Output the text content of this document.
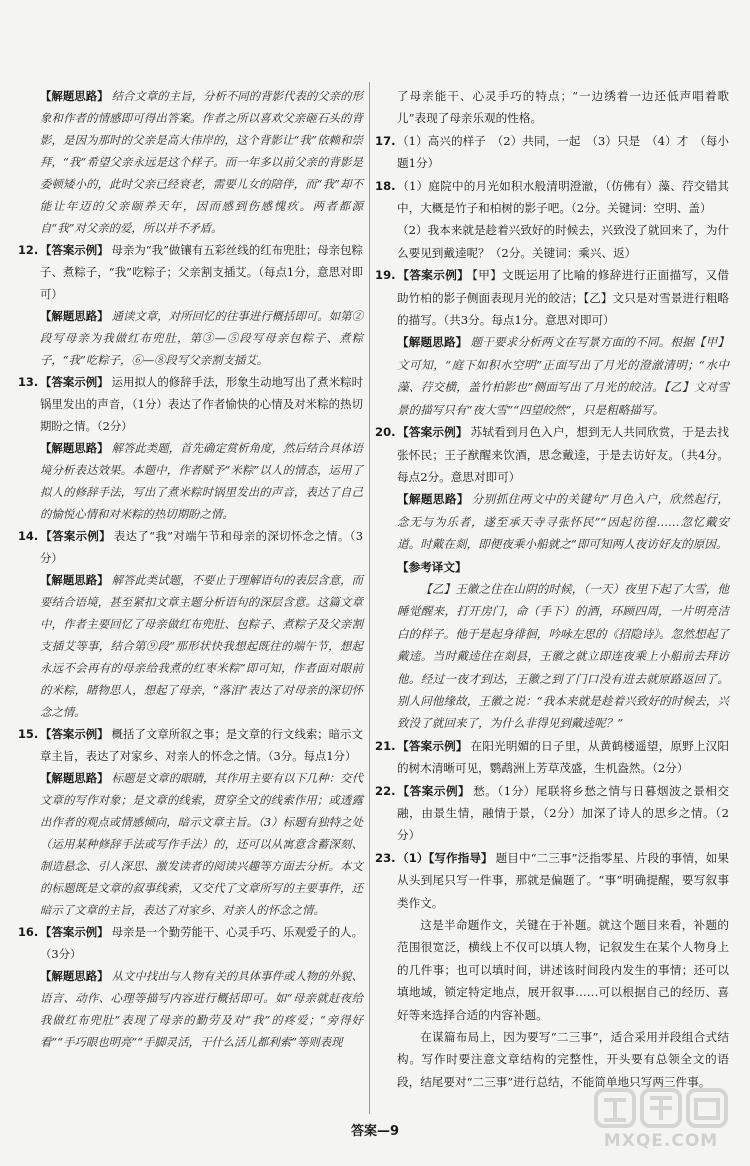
【解题思路】 结合文章的主旨，分析不同的背影代表的父亲的形象和作者的情感即可得出答案。作者之所以喜欢父亲砸石头的背影，是因为那时的父亲是高大伟岸的，这个背影让“我”依赖和崇拜，“我”希望父亲永远是这个样子。而一年多以前父亲的背影是委顿矮小的，此时父亲已经衰老，需要儿女的陪伴，而“我”却不能让年迈的父亲颐养天年，因而感到伤感愧疚。两者都源自“我”对父亲的爱，所以并不矛盾。

12. 【答案示例】 母亲为“我”做镶有五彩丝线的红布兜肚；母亲包粽子、煮粽子，“我”吃粽子；父亲割支插艾。（每点1分，意思对即可）

【解题思路】 通读文章，对所回忆的往事进行概括即可。如第②段写母亲为我做红布兜肚，第③—⑤段写母亲包粽子、煮粽子，“我”吃粽子，⑥—⑧段写父亲割支插艾。

13. 【答案示例】 运用拟人的修辞手法，形象生动地写出了煮米粽时锅里发出的声音，（1分）表达了作者愉快的心情及对米粽的热切期盼之情。（2分）

【解题思路】 解答此类题，首先确定赏析角度，然后结合具体语境分析表达效果。本题中，作者赋予“米粽”以人的情态，运用了拟人的修辞手法，写出了煮米粽时锅里发出的声音，表达了自己的愉悦心情和对米粽的热切期盼之情。

14. 【答案示例】 表达了“我”对端午节和母亲的深切怀念之情。（3分）

【解题思路】 解答此类试题，不要止于理解语句的表层含意，而要结合语境，甚至紧扣文章主题分析语句的深层含意。这篇文章中，作者主要回忆了母亲做红布兜肚、包粽子、煮粽子及父亲割支插艾等事，结合第⑨段“那形状快我想起既往的端午节，想起永远不会再有的母亲给我煮的红枣米粽”即可知，作者面对眼前的米粽，睹物思人，想起了母亲，“落泪”表达了对母亲的深切怀念之情。

15. 【答案示例】 概括了文章所叙之事；是文章的行文线索；暗示文章主旨，表达了对家乡、对亲人的怀念之情。（3分。每点1分）

【解题思路】 标题是文章的眼睛，其作用主要有以下几种：交代文章的写作对象；是文章的线索，贯穿全文的线索作用；或透露出作者的观点或情感倾向，暗示文章主旨。（3）标题有独特之处（运用某种修辞手法或写作手法）的，还可以从寓意含蓄深刻、制造悬念、引人深思、激发读者的阅读兴趣等方面去分析。本文的标题既是文章的叙事线索，又交代了文章所写的主要事件，还暗示了文章的主旨，表达了对家乡、对亲人的怀念之情。

16. 【答案示例】 母亲是一个勤劳能干、心灵手巧、乐观爱子的人。（3分）

【解题思路】 从文中找出与人物有关的具体事件或人物的外貌、语言、动作、心理等描写内容进行概括即可。如“母亲就赶夜给我做红布兜肚”表现了母亲的勤劳及对“我”的疼爱；“旁得好看”“手巧眼也明亮”“手脚灵活，干什么活儿都利索”等则表现

了母亲能干、心灵手巧的特点；“一边绣着一边还低声唱着歌儿”表现了母亲乐观的性格。

17.（1）高兴的样子　（2）共同，一起　（3）只是　（4）才　（每小题1分）

18.（1）庭院中的月光如积水般清明澄澈，（仿佛有）藻、荇交错其中，大概是竹子和柏树的影子吧。（2分。关键词：空明、盖）

（2）我本来就是趁着兴致好的时候去，兴致没了就回来了，为什么要见到戴逵呢？（2分。关键词：乘兴、返）

19.【答案示例】 【甲】文既运用了比喻的修辞进行正面描写，又借助竹柏的影子侧面表现月光的皎洁；【乙】文只是对雪景进行粗略的描写。（共3分。每点1分。意思对即可）

【解题思路】 题干要求分析两文在写景方面的不同。根据【甲】文可知，“庭下如积水空明”正面写出了月光的澄澈清明；“水中藻、荇交横，盖竹柏影也”侧面写出了月光的皎洁。【乙】文对雪景的描写只有“夜大雪”“四望皎然”，只是粗略描写。

20.【答案示例】 苏轼看到月色入户，想到无人共同欣赏，于是去找张怀民；王子猷醒来饮酒，思念戴逵，于是去访好友。（共4分。每点2分。意思对即可）

【解题思路】 分别抓住两文中的关键句“月色入户，欣然起行，念无与为乐者，遂至承天寺寻张怀民”“因起彷徨……忽忆戴安道。时戴在剡，即便夜乘小船就之”即可知两人夜访好友的原因。

【参考译文】

【乙】王徽之住在山阴的时候，（一天）夜里下起了大雪，他睡觉醒来，打开房门，命（手下）的酒，环顾四周，一片明亮洁白的样子。他于是起身徘徊，吟咏左思的《招隐诗》。忽然想起了戴逵。当时戴逵住在剡县，王徽之就立即连夜乘上小船前去拜访他。经过一夜才到达，王徽之到了门口没有进去就原路返回了。别人问他缘故，王徽之说：“我本来就是趁着兴致好的时候去，兴致没了就回来了，为什么非得见到戴逵呢？”

21.【答案示例】 在阳光明媚的日子里，从黄鹤楼遥望，原野上汉阳的树木清晰可见，鹦鹉洲上芳草茂盛，生机盎然。（2分）

22.【答案示例】 愁。（1分）尾联将乡愁之情与日暮烟波之景相交融，由景生情，融情于景，（2分）加深了诗人的思乡之情。（2分）

23.（1）【写作指导】 题目中“二三事”泛指零星、片段的事情，如果从头到尾只写一件事，那就是偏题了。“事”明确提醒，要写叙事类作文。

这是半命题作文，关键在于补题。就这个题目来看，补题的范围很宽泛，横线上不仅可以填人物，记叙发生在某个人物身上的几件事；也可以填时间，讲述该时间段内发生的事情；还可以填地域，锁定特定地点，展开叙事……可以根据自己的经历、喜好等来选择合适的内容补题。

在谋篇布局上，因为要写“二三事”，适合采用并段组合式结构。写作时要注意文章结构的完整性，开头要有总领全文的语段，结尾要对“二三事”进行总结，不能简单地只写两三件事。

答案—9	MXQE.COM
